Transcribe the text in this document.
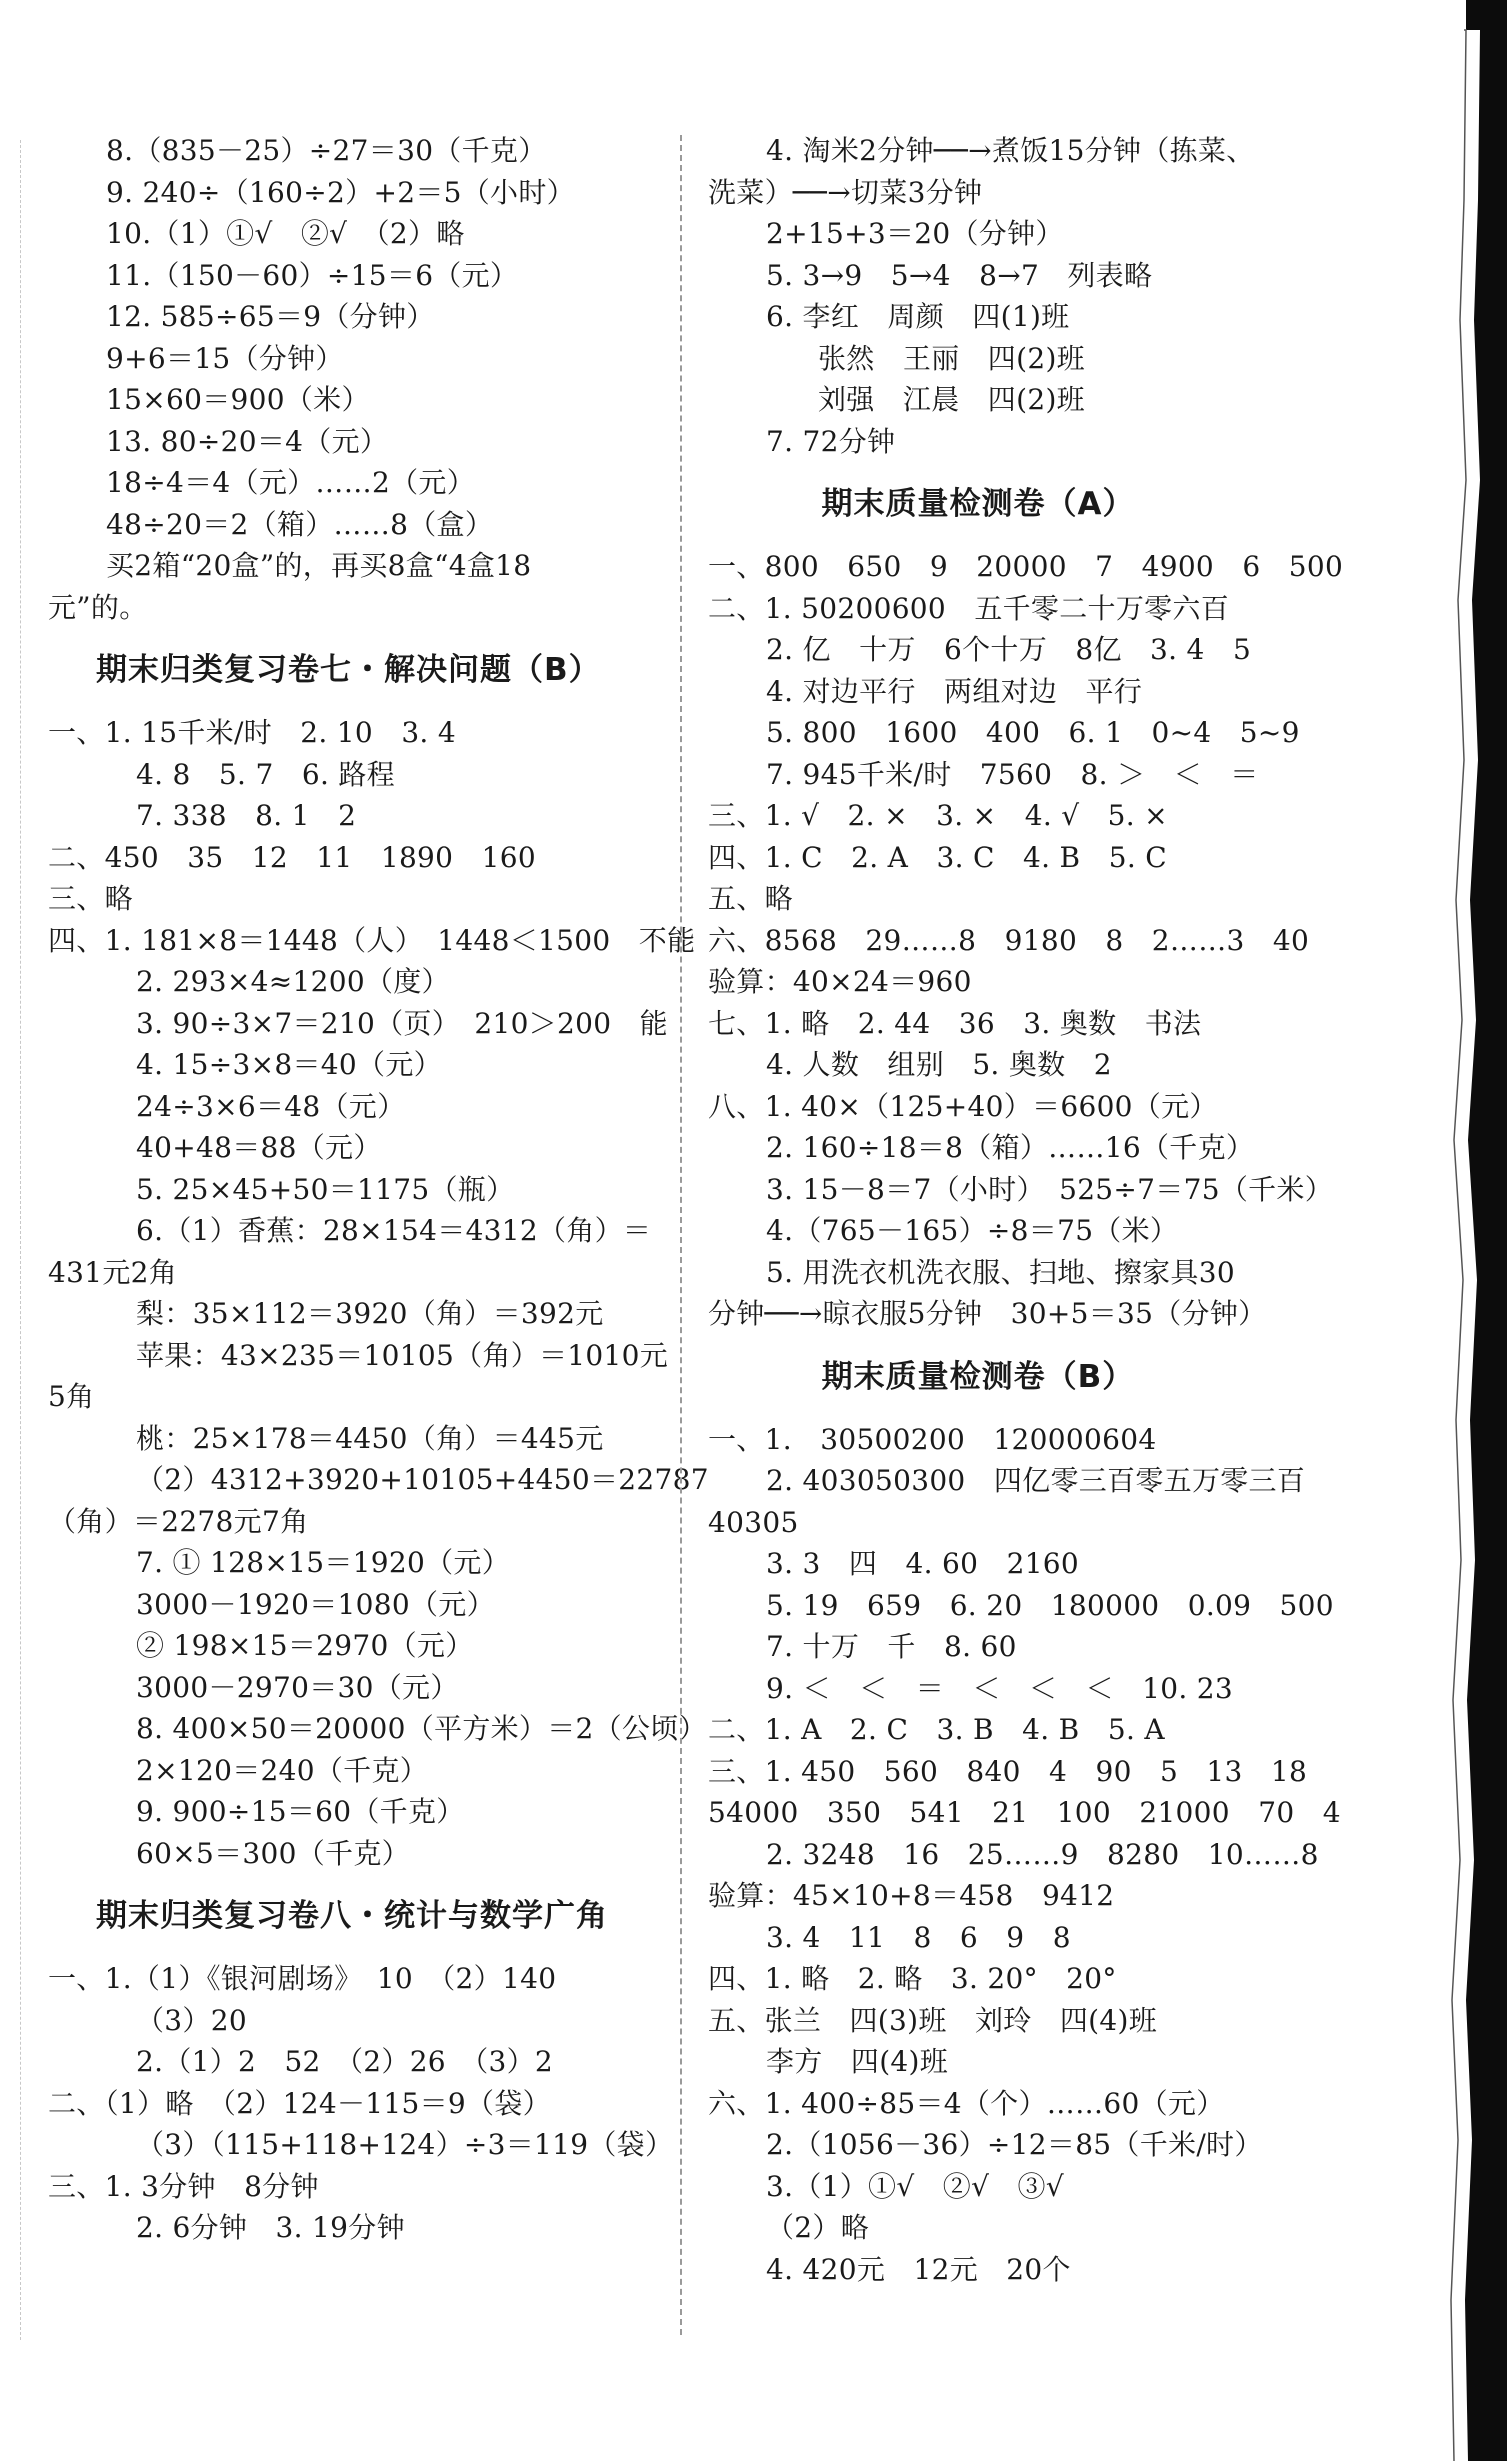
8.（835－25）÷27＝30（千克）
9. 240÷（160÷2）+2＝5（小时）
10.（1）①√　②√　（2）略
11.（150－60）÷15＝6（元）
12. 585÷65＝9（分钟）
9+6＝15（分钟）
15×60＝900（米）
13. 80÷20＝4（元）
18÷4＝4（元）……2（元）
48÷20＝2（箱）……8（盒）
买2箱“20盒”的，再买8盒“4盒18
元”的。
期末归类复习卷七・解决问题（B）
一、1. 15千米/时　2. 10　3. 4
4. 8　5. 7　6. 路程
7. 338　8. 1　2
二、450　35　12　11　1890　160
三、略
四、1. 181×8＝1448（人）　1448＜1500　不能
2. 293×4≈1200（度）
3. 90÷3×7＝210（页）　210＞200　能
4. 15÷3×8＝40（元）
24÷3×6＝48（元）
40+48＝88（元）
5. 25×45+50＝1175（瓶）
6.（1）香蕉：28×154＝4312（角）＝
431元2角
梨：35×112＝3920（角）＝392元
苹果：43×235＝10105（角）＝1010元
5角
桃：25×178＝4450（角）＝445元
（2）4312+3920+10105+4450＝22787
（角）＝2278元7角
7. ① 128×15＝1920（元）
3000－1920＝1080（元）
② 198×15＝2970（元）
3000－2970＝30（元）
8. 400×50＝20000（平方米）＝2（公顷）
2×120＝240（千克）
9. 900÷15＝60（千克）
60×5＝300（千克）
期末归类复习卷八・统计与数学广角
一、1.（1）《银河剧场》　10　（2）140
（3）20
2.（1）2　52　（2）26　（3）2
二、（1）略　（2）124－115＝9（袋）
（3）（115+118+124）÷3＝119（袋）
三、1. 3分钟　8分钟
2. 6分钟　3. 19分钟
4. 淘米2分钟──→煮饭15分钟（拣菜、
洗菜）──→切菜3分钟
2+15+3＝20（分钟）
5. 3→9　5→4　8→7　列表略
6. 李红　周颜　四(1)班
张然　王丽　四(2)班
刘强　江晨　四(2)班
7. 72分钟
期末质量检测卷（A）
一、800　650　9　20000　7　4900　6　500
二、1. 50200600　五千零二十万零六百
2. 亿　十万　6个十万　8亿　3. 4　5
4. 对边平行　两组对边　平行
5. 800　1600　400　6. 1　0~4　5~9
7. 945千米/时　7560　8. ＞　＜　＝
三、1. √　2. ×　3. ×　4. √　5. ×
四、1. C　2. A　3. C　4. B　5. C
五、略
六、8568　29……8　9180　8　2……3　40
验算：40×24＝960
七、1. 略　2. 44　36　3. 奥数　书法
4. 人数　组别　5. 奥数　2
八、1. 40×（125+40）＝6600（元）
2. 160÷18＝8（箱）……16（千克）
3. 15－8＝7（小时）　525÷7＝75（千米）
4.（765－165）÷8＝75（米）
5. 用洗衣机洗衣服、扫地、擦家具30
分钟──→晾衣服5分钟　30+5＝35（分钟）
期末质量检测卷（B）
一、1.　30500200　120000604
2. 403050300　四亿零三百零五万零三百
40305
3. 3　四　4. 60　2160
5. 19　659　6. 20　180000　0.09　500
7. 十万　千　8. 60
9. ＜　＜　＝　＜　＜　＜　10. 23
二、1. A　2. C　3. B　4. B　5. A
三、1. 450　560　840　4　90　5　13　18
54000　350　541　21　100　21000　70　4
2. 3248　16　25……9　8280　10……8
验算：45×10+8＝458　9412
3. 4　11　8　6　9　8
四、1. 略　2. 略　3. 20°　20°
五、张兰　四(3)班　刘玲　四(4)班
李方　四(4)班
六、1. 400÷85＝4（个）……60（元）
2.（1056－36）÷12＝85（千米/时）
3.（1）①√　②√　③√
（2）略
4. 420元　12元　20个
